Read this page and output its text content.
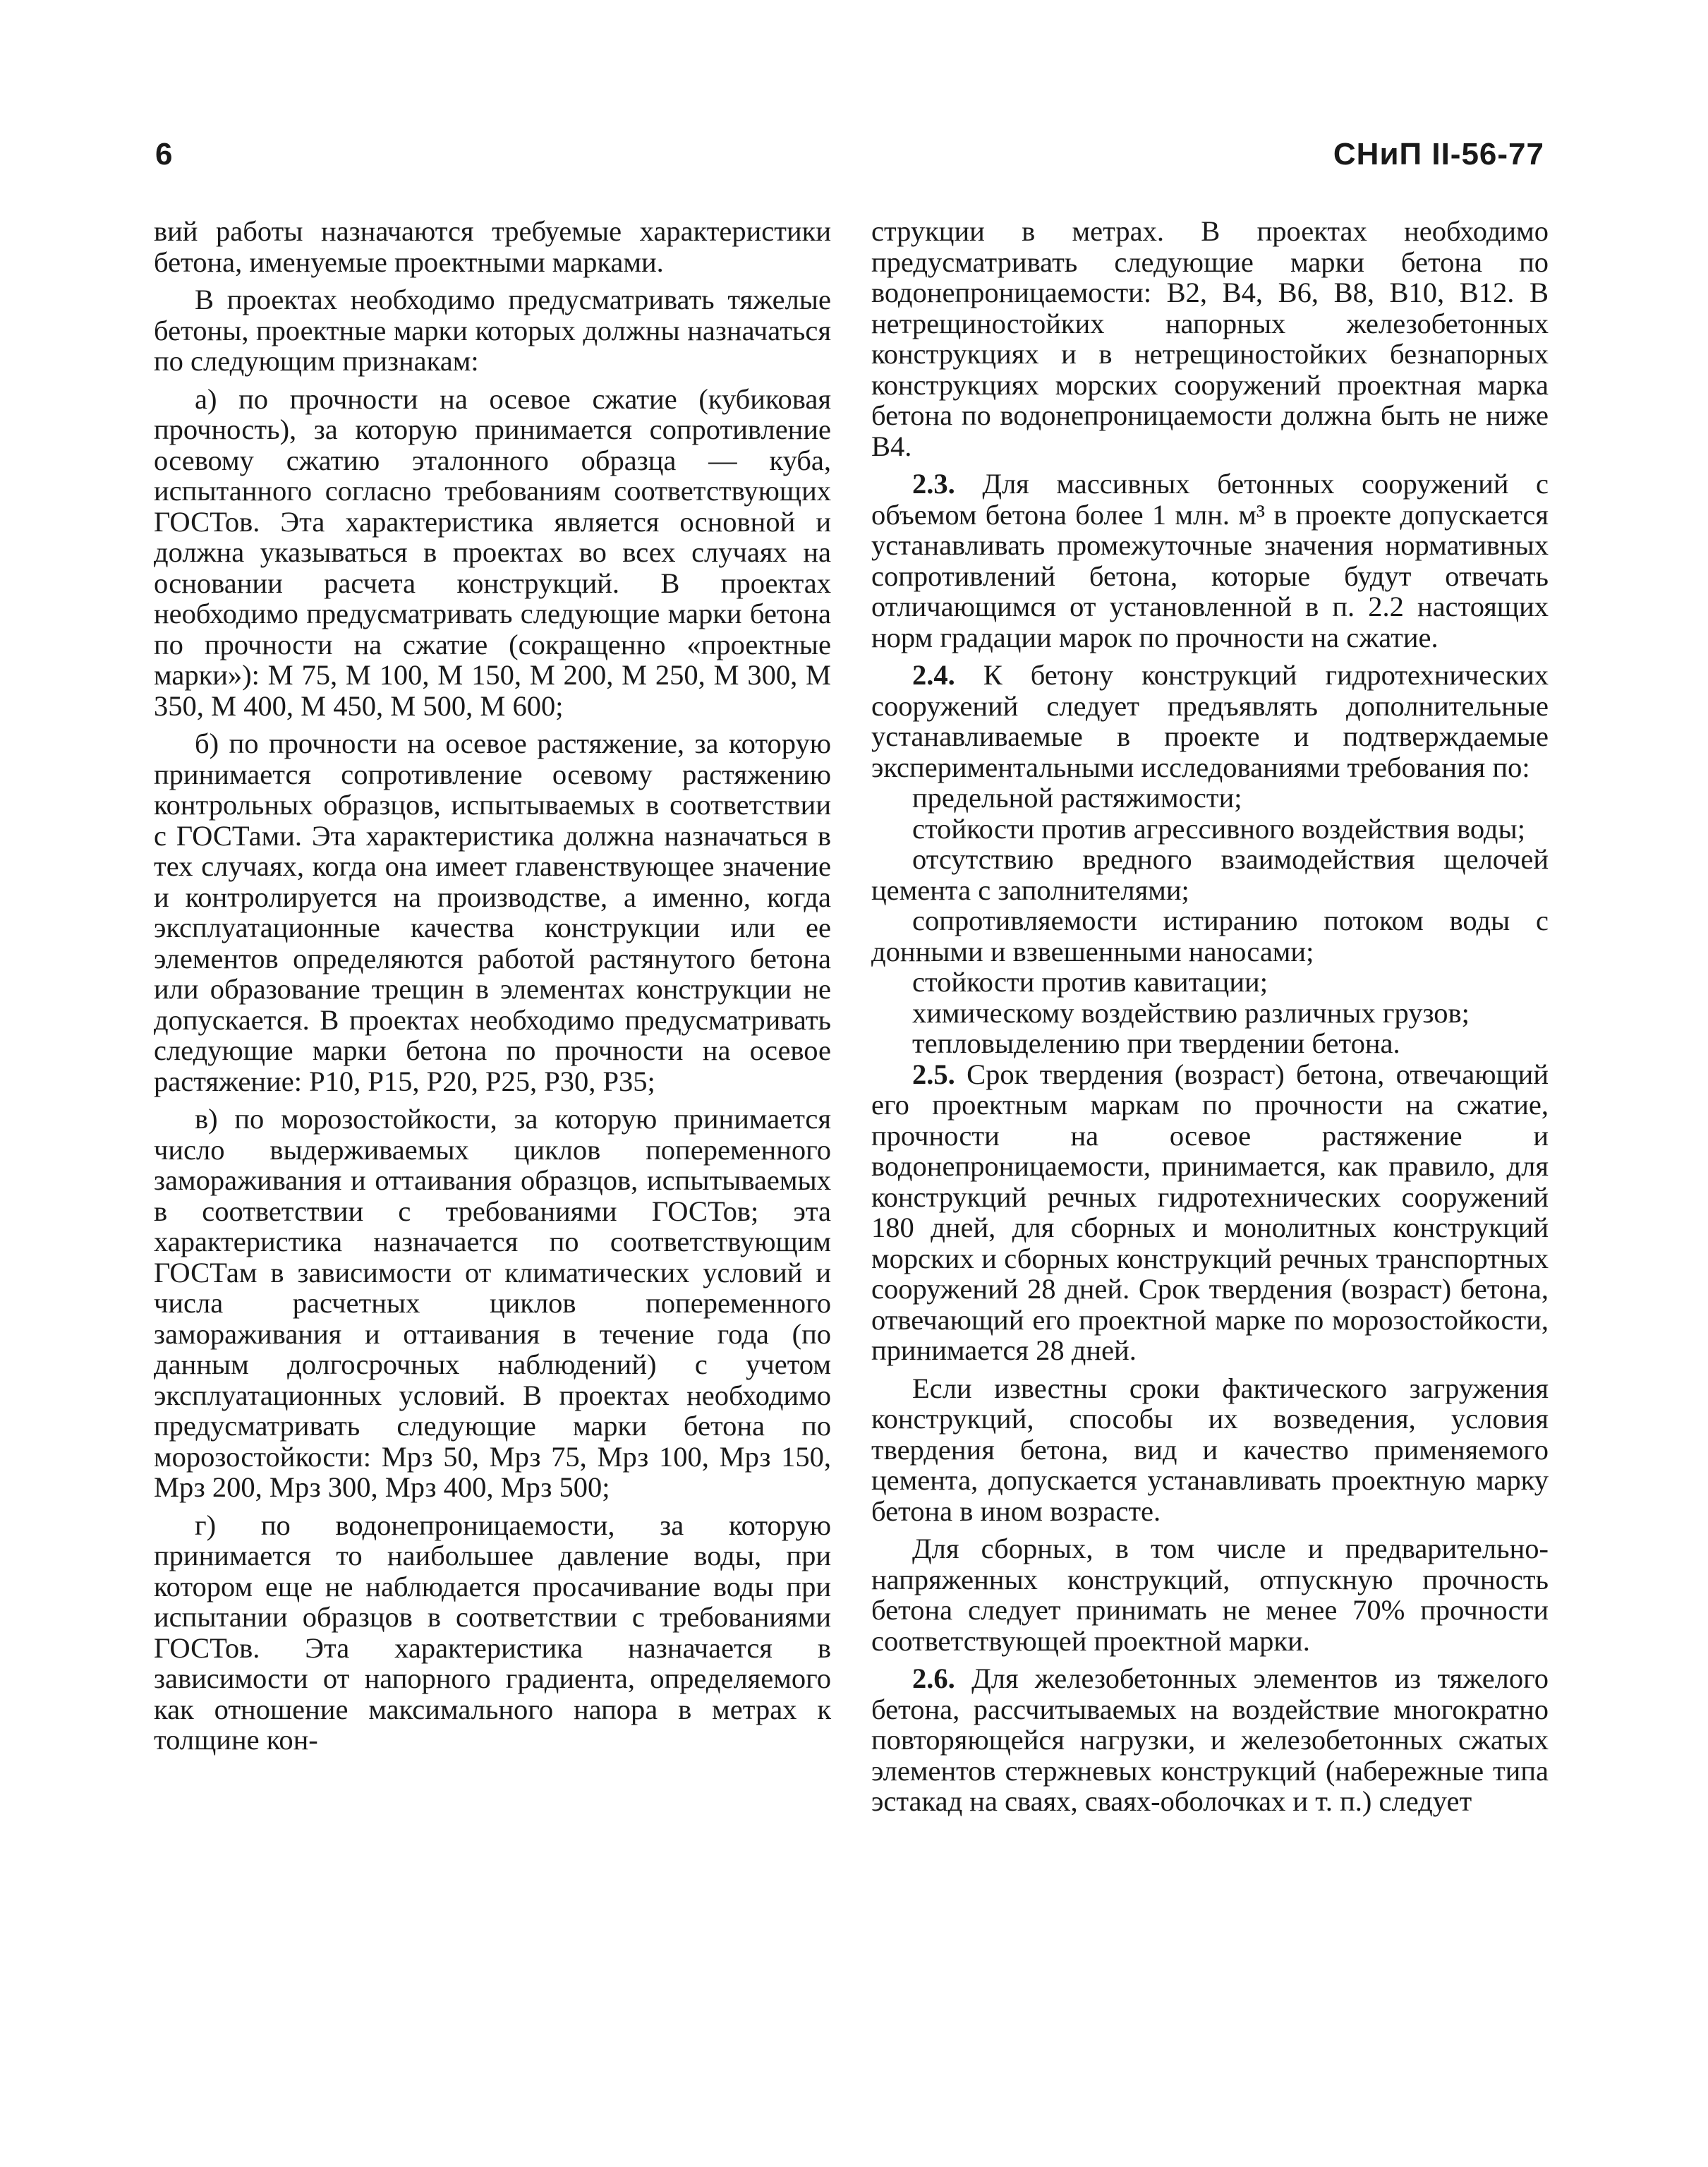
6	СНиП II-56-77

вий работы назначаются требуемые характеристики бетона, именуемые проектными марками.

В проектах необходимо предусматривать тяжелые бетоны, проектные марки которых должны назначаться по следующим признакам:

а) по прочности на осевое сжатие (кубиковая прочность), за которую принимается сопротивление осевому сжатию эталонного образца — куба, испытанного согласно требованиям соответствующих ГОСТов. Эта характеристика является основной и должна указываться в проектах во всех случаях на основании расчета конструкций. В проектах необходимо предусматривать следующие марки бетона по прочности на сжатие (сокращенно «проектные марки»): М 75, М 100, М 150, М 200, М 250, М 300, М 350, М 400, М 450, М 500, М 600;

б) по прочности на осевое растяжение, за которую принимается сопротивление осевому растяжению контрольных образцов, испытываемых в соответствии с ГОСТами. Эта характеристика должна назначаться в тех случаях, когда она имеет главенствующее значение и контролируется на производстве, а именно, когда эксплуатационные качества конструкции или ее элементов определяются работой растянутого бетона или образование трещин в элементах конструкции не допускается. В проектах необходимо предусматривать следующие марки бетона по прочности на осевое растяжение: Р10, Р15, Р20, Р25, Р30, Р35;

в) по морозостойкости, за которую принимается число выдерживаемых циклов попеременного замораживания и оттаивания образцов, испытываемых в соответствии с требованиями ГОСТов; эта характеристика назначается по соответствующим ГОСТам в зависимости от климатических условий и числа расчетных циклов попеременного замораживания и оттаивания в течение года (по данным долгосрочных наблюдений) с учетом эксплуатационных условий. В проектах необходимо предусматривать следующие марки бетона по морозостойкости: Мрз 50, Мрз 75, Мрз 100, Мрз 150, Мрз 200, Мрз 300, Мрз 400, Мрз 500;

г) по водонепроницаемости, за которую принимается то наибольшее давление воды, при котором еще не наблюдается просачивание воды при испытании образцов в соответствии с требованиями ГОСТов. Эта характеристика назначается в зависимости от напорного градиента, определяемого как отношение максимального напора в метрах к толщине кон-

струкции в метрах. В проектах необходимо предусматривать следующие марки бетона по водонепроницаемости: В2, В4, В6, В8, В10, В12. В нетрещиностойких напорных железобетонных конструкциях и в нетрещиностойких безнапорных конструкциях морских сооружений проектная марка бетона по водонепроницаемости должна быть не ниже В4.

2.3. Для массивных бетонных сооружений с объемом бетона более 1 млн. м³ в проекте допускается устанавливать промежуточные значения нормативных сопротивлений бетона, которые будут отвечать отличающимся от установленной в п. 2.2 настоящих норм градации марок по прочности на сжатие.

2.4. К бетону конструкций гидротехнических сооружений следует предъявлять дополнительные устанавливаемые в проекте и подтверждаемые экспериментальными исследованиями требования по:

предельной растяжимости;

стойкости против агрессивного воздействия воды;

отсутствию вредного взаимодействия щелочей цемента с заполнителями;

сопротивляемости истиранию потоком воды с донными и взвешенными наносами;

стойкости против кавитации;

химическому воздействию различных грузов;

тепловыделению при твердении бетона.

2.5. Срок твердения (возраст) бетона, отвечающий его проектным маркам по прочности на сжатие, прочности на осевое растяжение и водонепроницаемости, принимается, как правило, для конструкций речных гидротехнических сооружений 180 дней, для сборных и монолитных конструкций морских и сборных конструкций речных транспортных сооружений 28 дней. Срок твердения (возраст) бетона, отвечающий его проектной марке по морозостойкости, принимается 28 дней.

Если известны сроки фактического загружения конструкций, способы их возведения, условия твердения бетона, вид и качество применяемого цемента, допускается устанавливать проектную марку бетона в ином возрасте.

Для сборных, в том числе и предварительно-напряженных конструкций, отпускную прочность бетона следует принимать не менее 70% прочности соответствующей проектной марки.

2.6. Для железобетонных элементов из тяжелого бетона, рассчитываемых на воздействие многократно повторяющейся нагрузки, и железобетонных сжатых элементов стержневых конструкций (набережные типа эстакад на сваях, сваях-оболочках и т. п.) следует
